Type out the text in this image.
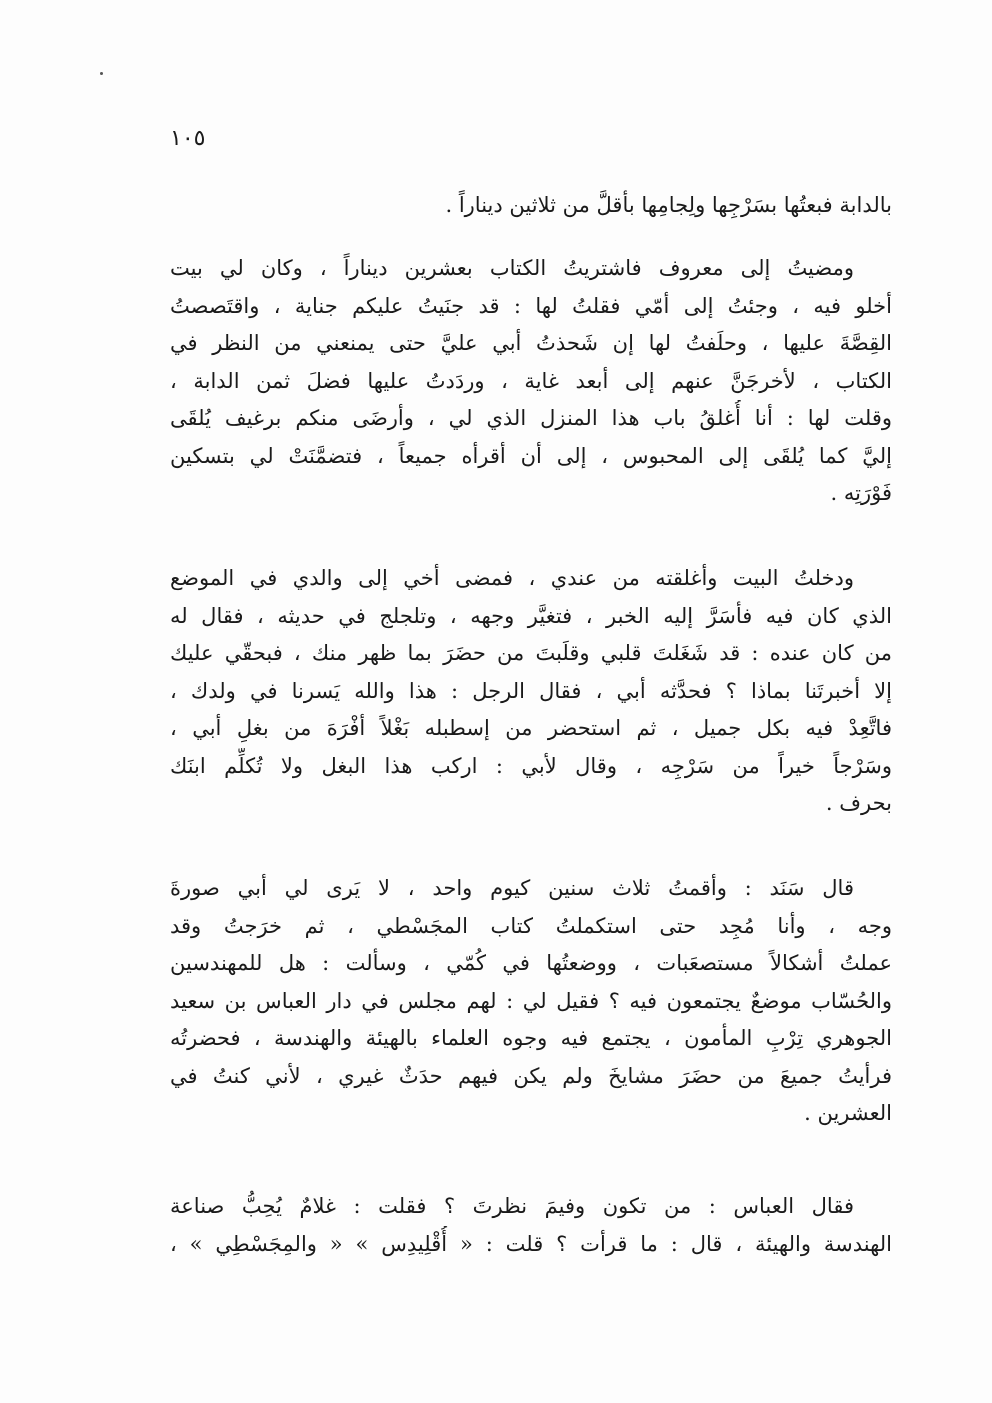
١٠٥
بالدابة فبعتُها بسَرْجِها ولِجامِها بأقلَّ من ثلاثين ديناراً .
ومضيتُ إلى معروف فاشتريتُ الكتاب بعشرين ديناراً ، وكان لي بيت
أخلو فيه ، وجئتُ إلى أمّي فقلتُ لها : قد جنَيتُ عليكم جناية ، واقتَصصتُ
القِصَّةَ عليها ، وحلَفتُ لها إن شَحذتُ أبي عليَّ حتى يمنعني من النظر في
الكتاب ، لأخرجَنَّ عنهم إلى أبعد غاية ، وردَدتُ عليها فضلَ ثمن الدابة ،
وقلت لها : أنا أُغلقُ باب هذا المنزل الذي لي ، وأرضَى منكم برغيف يُلقَى
إليَّ كما يُلقَى إلى المحبوس ، إلى أن أقرأه جميعاً ، فتضمَّنَتْ لي بتسكين
فَوْرَتِه .
ودخلتُ البيت وأغلقته من عندي ، فمضى أخي إلى والدي في الموضع
الذي كان فيه فأسَرَّ إليه الخبر ، فتغيَّر وجهه ، وتلجلج في حديثه ، فقال له
من كان عنده : قد شَغَلتَ قلبي وقلَبتَ من حضَرَ بما ظهر منك ، فبحقّي عليك
إلا أخبرتَنا بماذا ؟ فحدَّثه أبي ، فقال الرجل : هذا والله يَسرنا في ولدك ،
فاتَّعِدْ فيه بكل جميل ، ثم استحضر من إسطبله بَغْلاً أفْرَهَ من بغلِ أبي ،
وسَرْجاً خيراً من سَرْجِه ، وقال لأبي : اركب هذا البغل ولا تُكلِّم ابنَك
بحرف .
قال سَنَد : وأقمتُ ثلاث سنين كيوم واحد ، لا يَرى لي أبي صورةَ
وجه ، وأنا مُجِد حتى استكملتُ كتاب المجَسْطي ، ثم خرَجتُ وقد
عملتُ أشكالاً مستصعَبات ، ووضعتُها في كُمّي ، وسألت : هل للمهندسين
والحُسّاب موضعٌ يجتمعون فيه ؟ فقيل لي : لهم مجلس في دار العباس بن سعيد
الجوهري تِرْبِ المأمون ، يجتمع فيه وجوه العلماء بالهيئة والهندسة ، فحضرتُه
فرأيتُ جميعَ من حضَرَ مشايخَ ولم يكن فيهم حدَثٌ غيري ، لأني كنتُ في
العشرين .
فقال العباس : من تكون وفيمَ نظرتَ ؟ فقلت : غلامٌ يُحِبُّ صناعة
الهندسة والهيئة ، قال : ما قرأت ؟ قلت : « أُقْلِيدِس » « والمِجَسْطِي » ،
